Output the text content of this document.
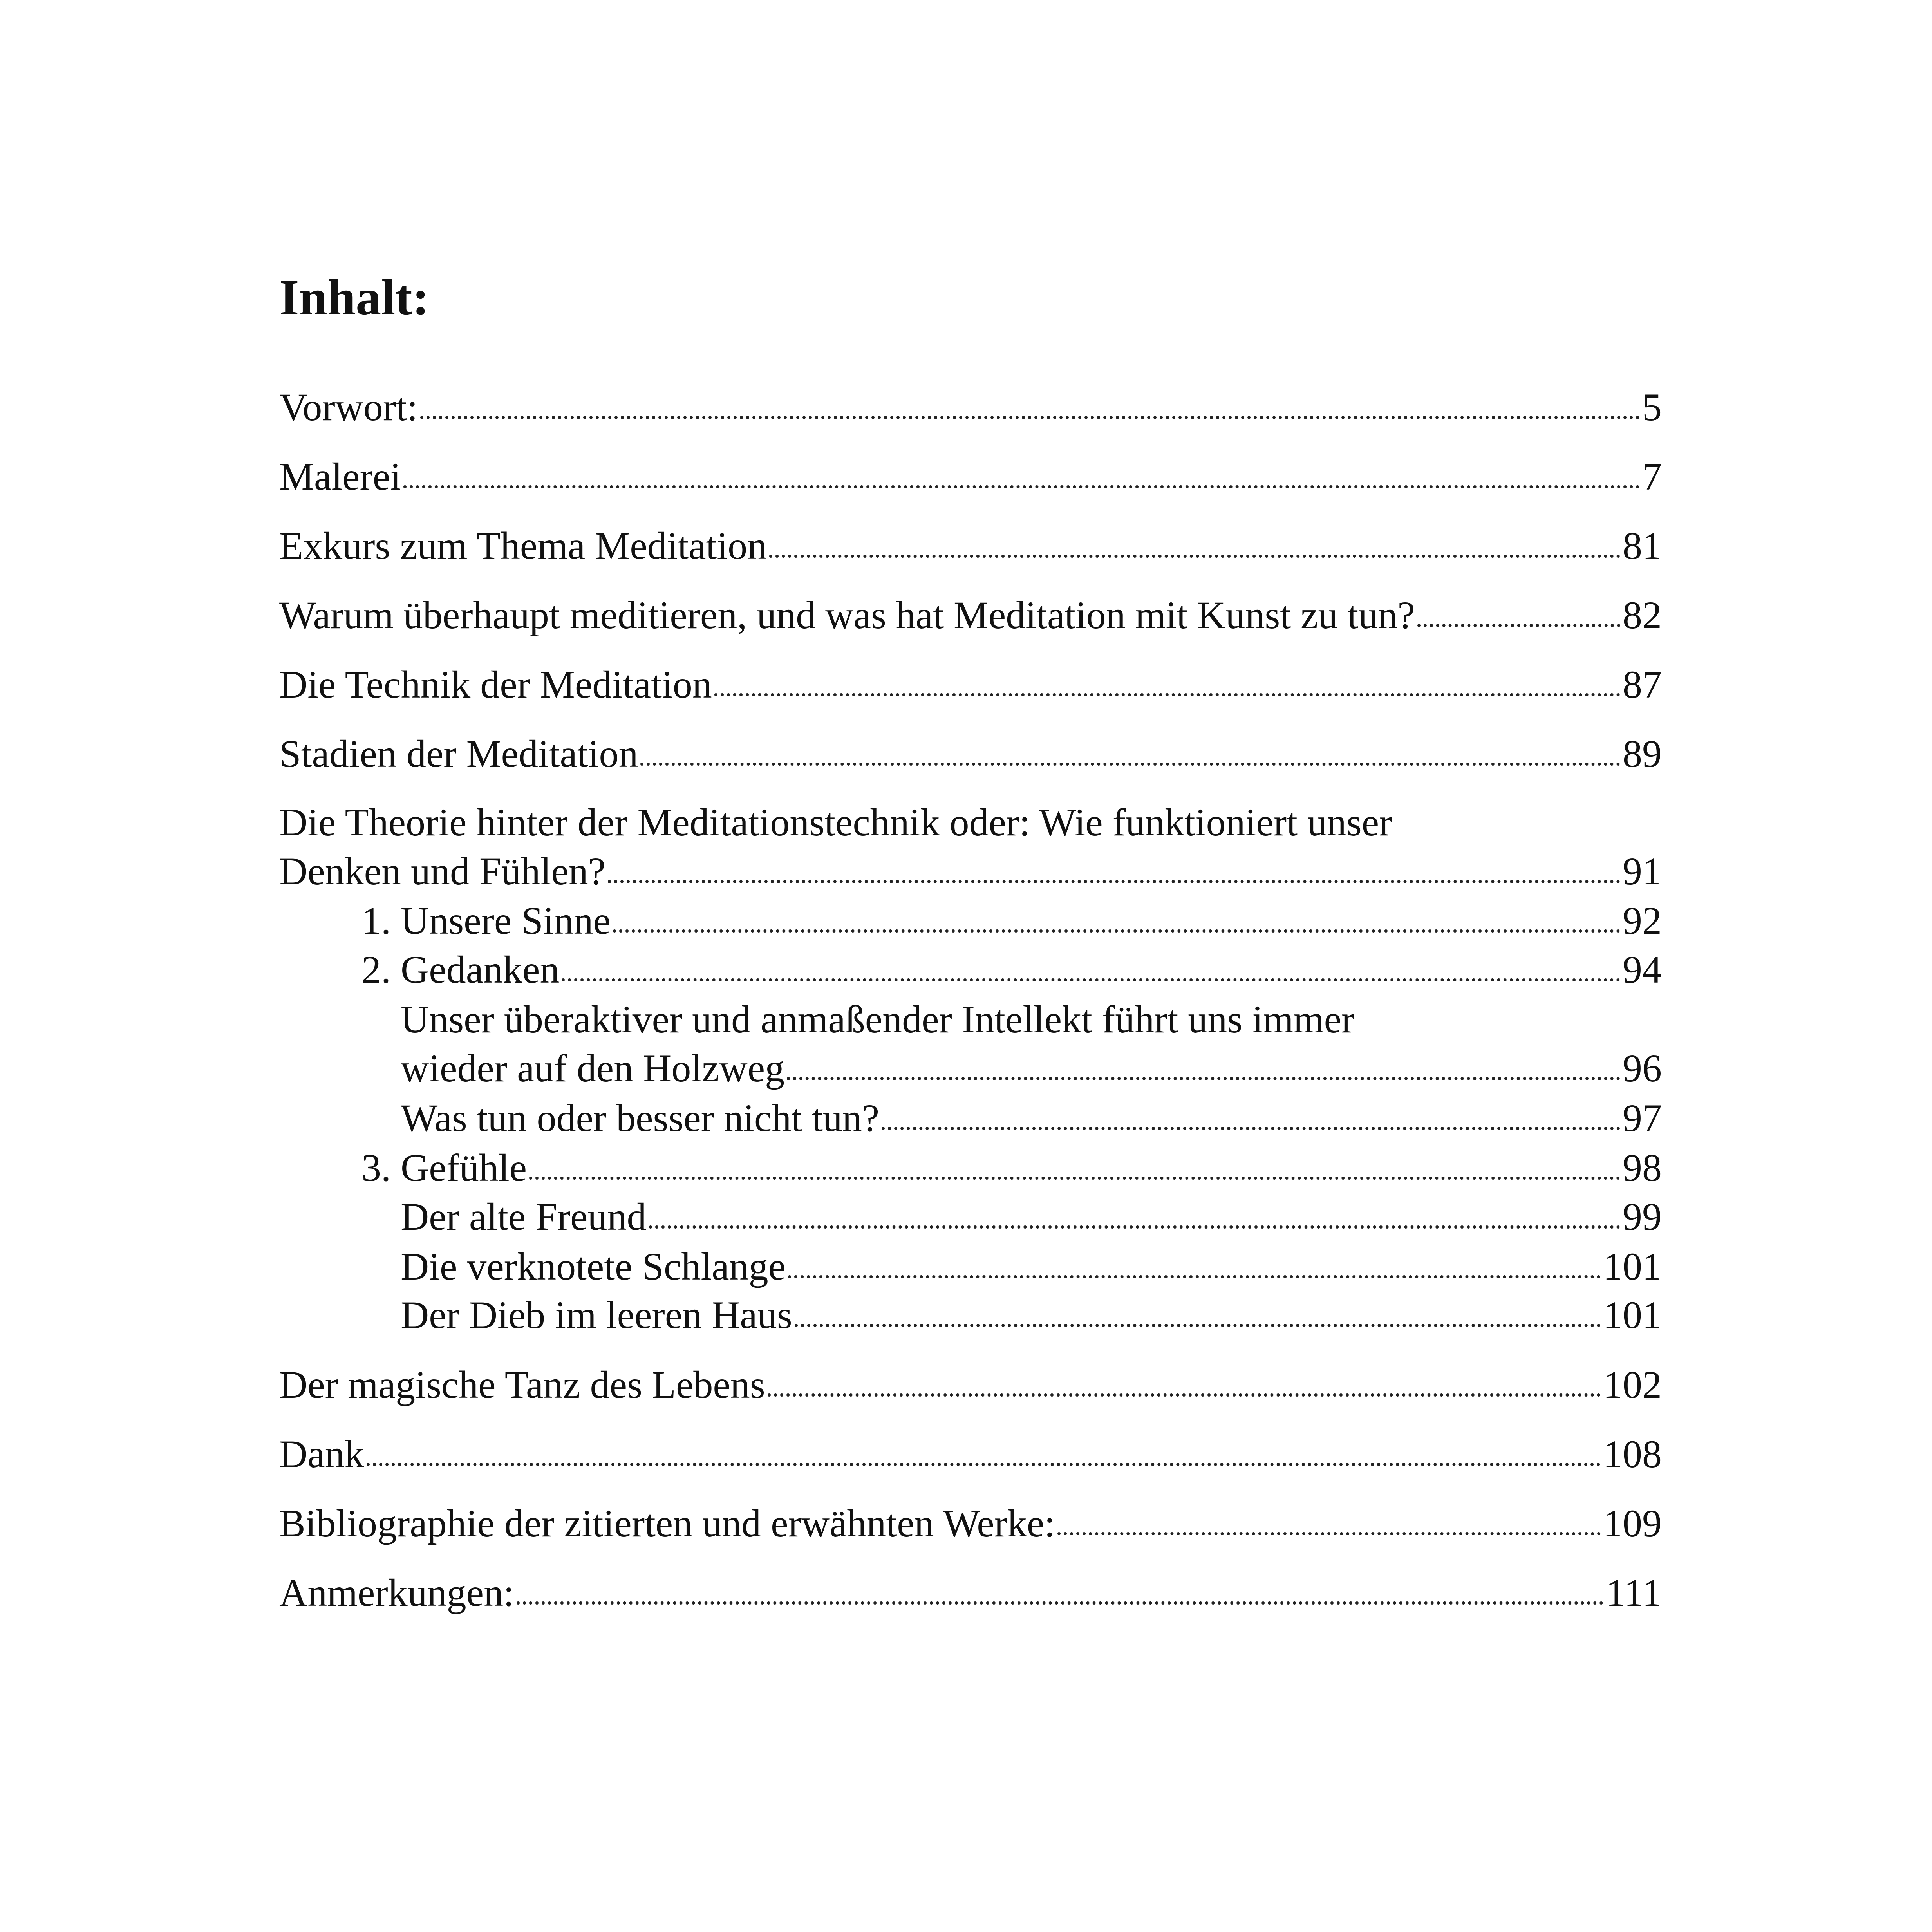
Inhalt:
Vorwort:	5
Malerei	7
Exkurs zum Thema Meditation	81
Warum überhaupt meditieren, und was hat Meditation mit Kunst zu tun?	82
Die Technik der Meditation	87
Stadien der Meditation	89
Die Theorie hinter der Meditationstechnik oder: Wie funktioniert unser
Denken und Fühlen?	91
1. Unsere Sinne	92
2. Gedanken	94
Unser überaktiver und anmaßender Intellekt führt uns immer
wieder auf den Holzweg	96
Was tun oder besser nicht tun?	97
3. Gefühle	98
Der alte Freund	99
Die verknotete Schlange	101
Der Dieb im leeren Haus	101
Der magische Tanz des Lebens	102
Dank	108
Bibliographie der zitierten und erwähnten Werke:	109
Anmerkungen:	111
